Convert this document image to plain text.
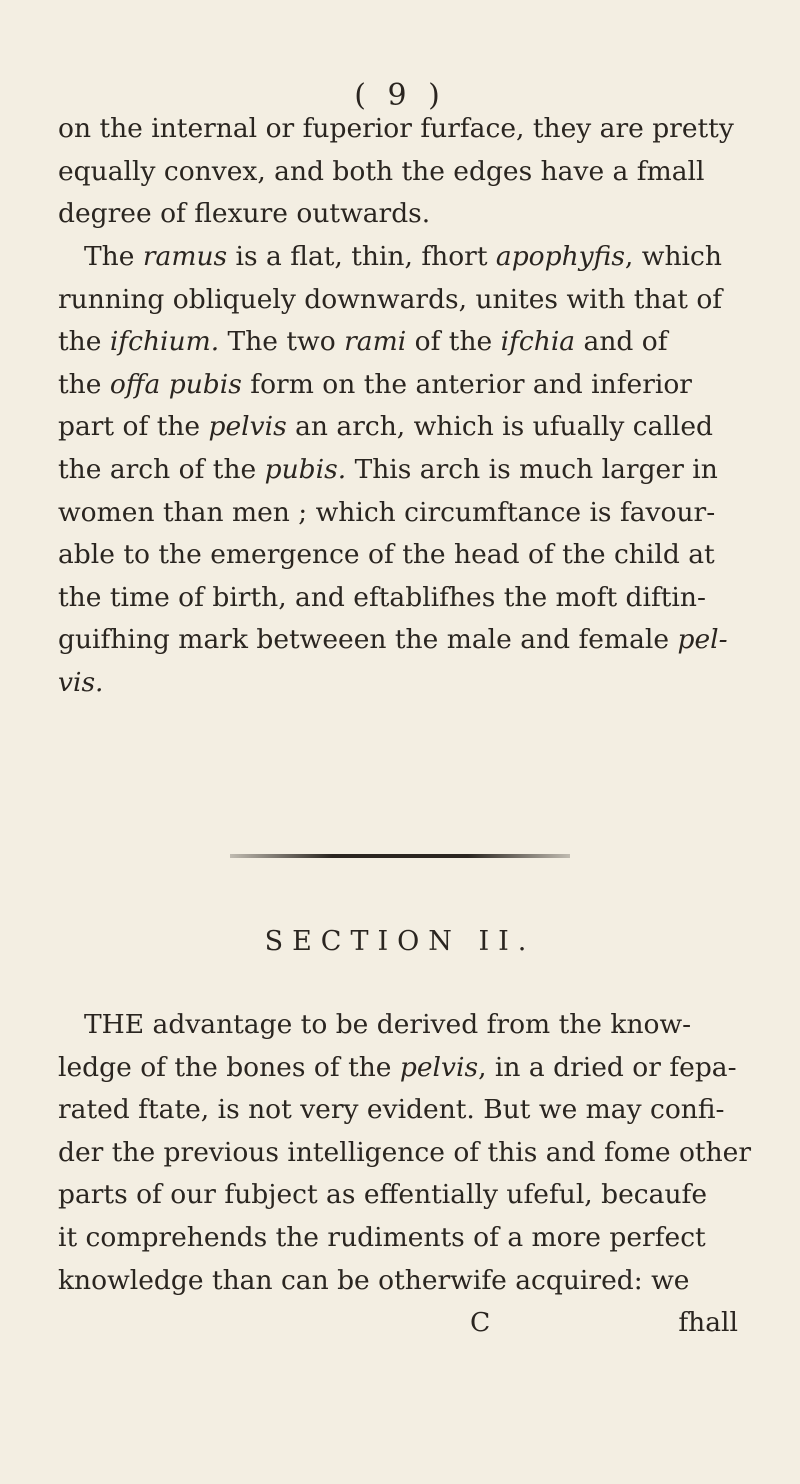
( 9 )

on the internal or fuperior furface, they are pretty

equally convex, and both the edges have a fmall

degree of flexure outwards.

The ramus is a flat, thin, fhort apophyfis, which

running obliquely downwards, unites with that of

the ifchium. The two rami of the ifchia and of

the offa pubis form on the anterior and inferior

part of the pelvis an arch, which is ufually called

the arch of the pubis. This arch is much larger in

women than men ; which circumftance is favour-

able to the emergence of the head of the child at

the time of birth, and eftablifhes the moft diftin-

guifhing mark betweeen the male and female pel-

vis.

SECTION II.

THE advantage to be derived from the know-

ledge of the bones of the pelvis, in a dried or fepa-

rated ftate, is not very evident. But we may confi-

der the previous intelligence of this and fome other

parts of our fubject as effentially ufeful, becaufe

it comprehends the rudiments of a more perfect

knowledge than can be otherwife acquired: we

C	fhall
